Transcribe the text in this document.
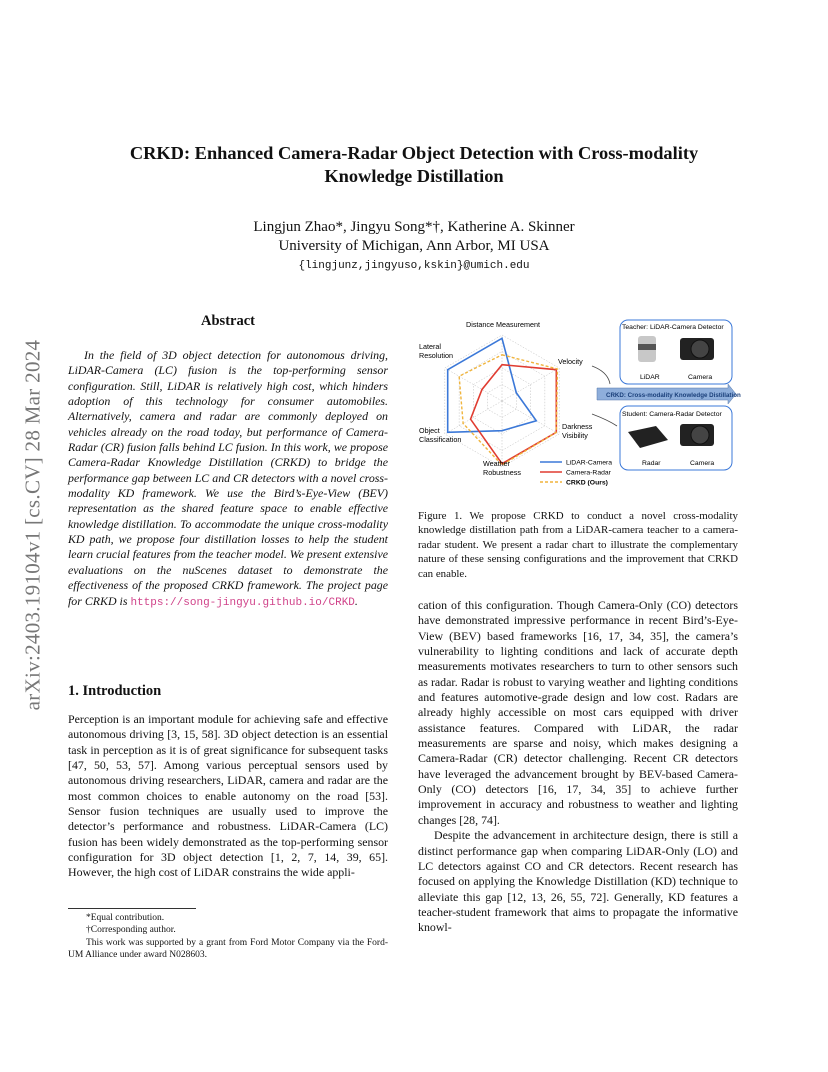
arXiv:2403.19104v1 [cs.CV] 28 Mar 2024
CRKD: Enhanced Camera-Radar Object Detection with Cross-modality
Knowledge Distillation
Lingjun Zhao*, Jingyu Song*†, Katherine A. Skinner
University of Michigan, Ann Arbor, MI USA
{lingjunz,jingyuso,kskin}@umich.edu
Abstract

In the field of 3D object detection for autonomous driving, LiDAR-Camera (LC) fusion is the top-performing sensor configuration. Still, LiDAR is relatively high cost, which hinders adoption of this technology for consumer automobiles. Alternatively, camera and radar are commonly deployed on vehicles already on the road today, but performance of Camera-Radar (CR) fusion falls behind LC fusion. In this work, we propose Camera-Radar Knowledge Distillation (CRKD) to bridge the performance gap between LC and CR detectors with a novel cross-modality KD framework. We use the Bird’s-Eye-View (BEV) representation as the shared feature space to enable effective knowledge distillation. To accommodate the unique cross-modality KD path, we propose four distillation losses to help the student learn crucial features from the teacher model. We present extensive evaluations on the nuScenes dataset to demonstrate the effectiveness of the proposed CRKD framework. The project page for CRKD is https://song-jingyu.github.io/CRKD.

1. Introduction

Perception is an important module for achieving safe and effective autonomous driving [3, 15, 58]. 3D object detection is an essential task in perception as it is of great significance for subsequent tasks [47, 50, 53, 57]. Among various perceptual sensors used by autonomous driving researchers, LiDAR, camera and radar are the most common choices to enable autonomy on the road [53]. Sensor fusion techniques are usually used to improve the detector’s performance and robustness. LiDAR-Camera (LC) fusion has been widely demonstrated as the top-performing sensor configuration for 3D object detection [1, 2, 7, 14, 39, 65]. However, the high cost of LiDAR constrains the wide appli-

*Equal contribution.
†Corresponding author.
This work was supported by a grant from Ford Motor Company via the Ford-UM Alliance under award N028603.
Distance Measurement
Velocity
Darkness
Visibility
Weather
Robustness
Object
Classification
Lateral
Resolution
LiDAR-Camera
Camera-Radar
CRKD (Ours)
Teacher: LiDAR-Camera Detector
LiDAR	Camera
CRKD: Cross-modality Knowledge Distillation
Student: Camera-Radar Detector
Radar	Camera
Figure 1. We propose CRKD to conduct a novel cross-modality knowledge distillation path from a LiDAR-camera teacher to a camera-radar student. We present a radar chart to illustrate the complementary nature of these sensing configurations and the improvement that CRKD can enable.

cation of this configuration. Though Camera-Only (CO) detectors have demonstrated impressive performance in recent Bird’s-Eye-View (BEV) based frameworks [16, 17, 34, 35], the camera’s vulnerability to lighting conditions and lack of accurate depth measurements motivates researchers to turn to other sensors such as radar. Radar is robust to varying weather and lighting conditions and features automotive-grade design and low cost. Radars are already highly accessible on most cars equipped with driver assistance features. Compared with LiDAR, the radar measurements are sparse and noisy, which makes designing a Camera-Radar (CR) detector challenging. Recent CR detectors have leveraged the advancement brought by BEV-based Camera-Only (CO) detectors [16, 17, 34, 35] to achieve further improvement in accuracy and robustness to weather and lighting changes [28, 74].

Despite the advancement in architecture design, there is still a distinct performance gap when comparing LiDAR-Only (LO) and LC detectors against CO and CR detectors. Recent research has focused on applying the Knowledge Distillation (KD) technique to alleviate this gap [12, 13, 26, 55, 72]. Generally, KD features a teacher-student framework that aims to propagate the informative knowl-
